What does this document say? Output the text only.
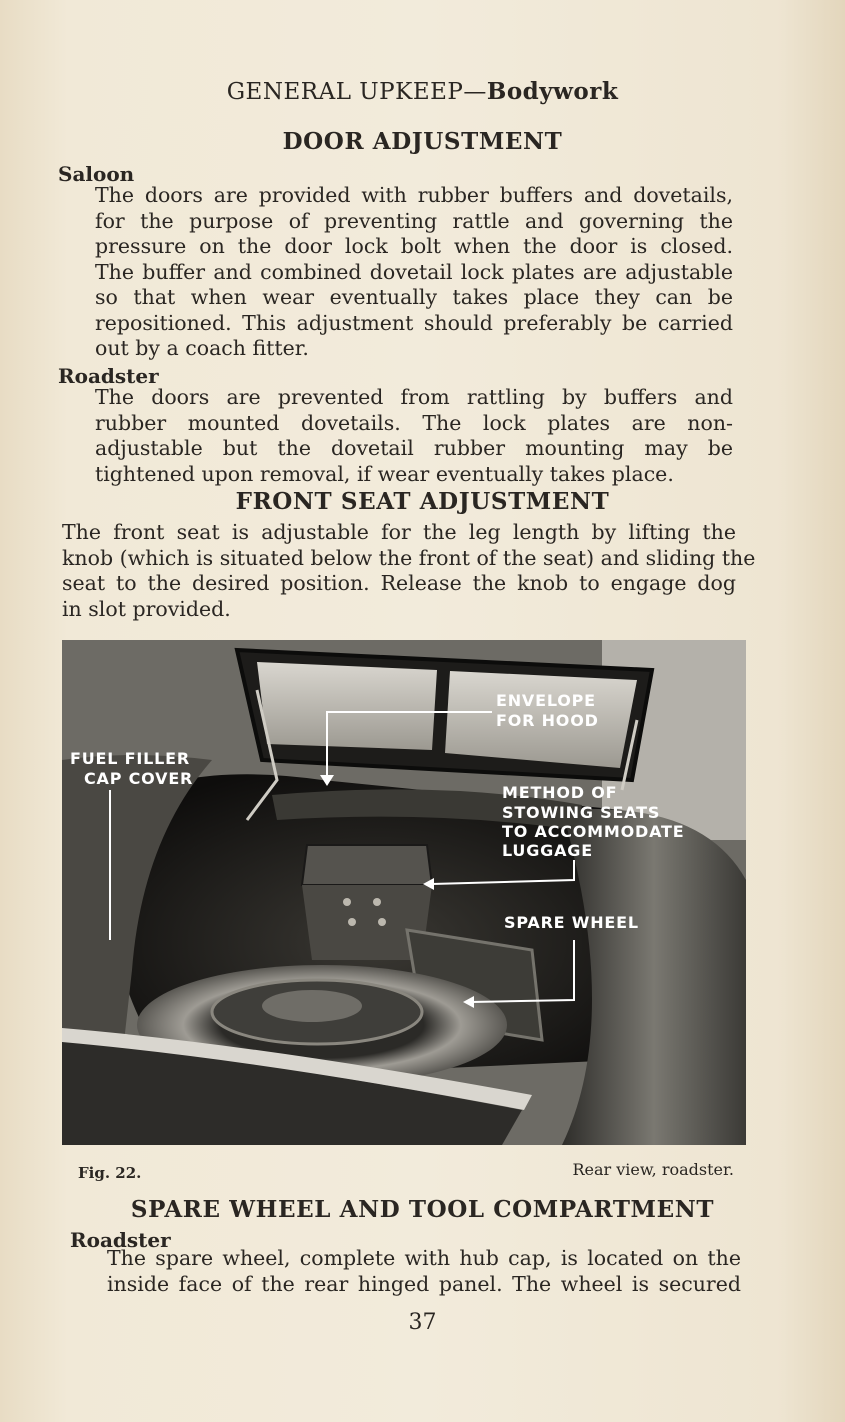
GENERAL UPKEEP—Bodywork
DOOR ADJUSTMENT
Saloon
The doors are provided with rubber buffers and dovetails,
for the purpose of preventing rattle and governing the
pressure on the door lock bolt when the door is closed.
The buffer and combined dovetail lock plates are adjustable
so that when wear eventually takes place they can be
repositioned. This adjustment should preferably be carried
out by a coach fitter.
Roadster
The doors are prevented from rattling by buffers and
rubber mounted dovetails. The lock plates are non-
adjustable but the dovetail rubber mounting may be
tightened upon removal, if wear eventually takes place.
FRONT SEAT ADJUSTMENT
The front seat is adjustable for the leg length by lifting the
knob (which is situated below the front of the seat) and sliding the
seat to the desired position. Release the knob to engage dog
in slot provided.
ENVELOPE
FOR HOOD
FUEL FILLER
CAP COVER
METHOD OF
STOWING SEATS
TO ACCOMMODATE
LUGGAGE
SPARE WHEEL
Fig. 22.	Rear view, roadster.
SPARE WHEEL AND TOOL COMPARTMENT
Roadster
The spare wheel, complete with hub cap, is located on the
inside face of the rear hinged panel. The wheel is secured
37
